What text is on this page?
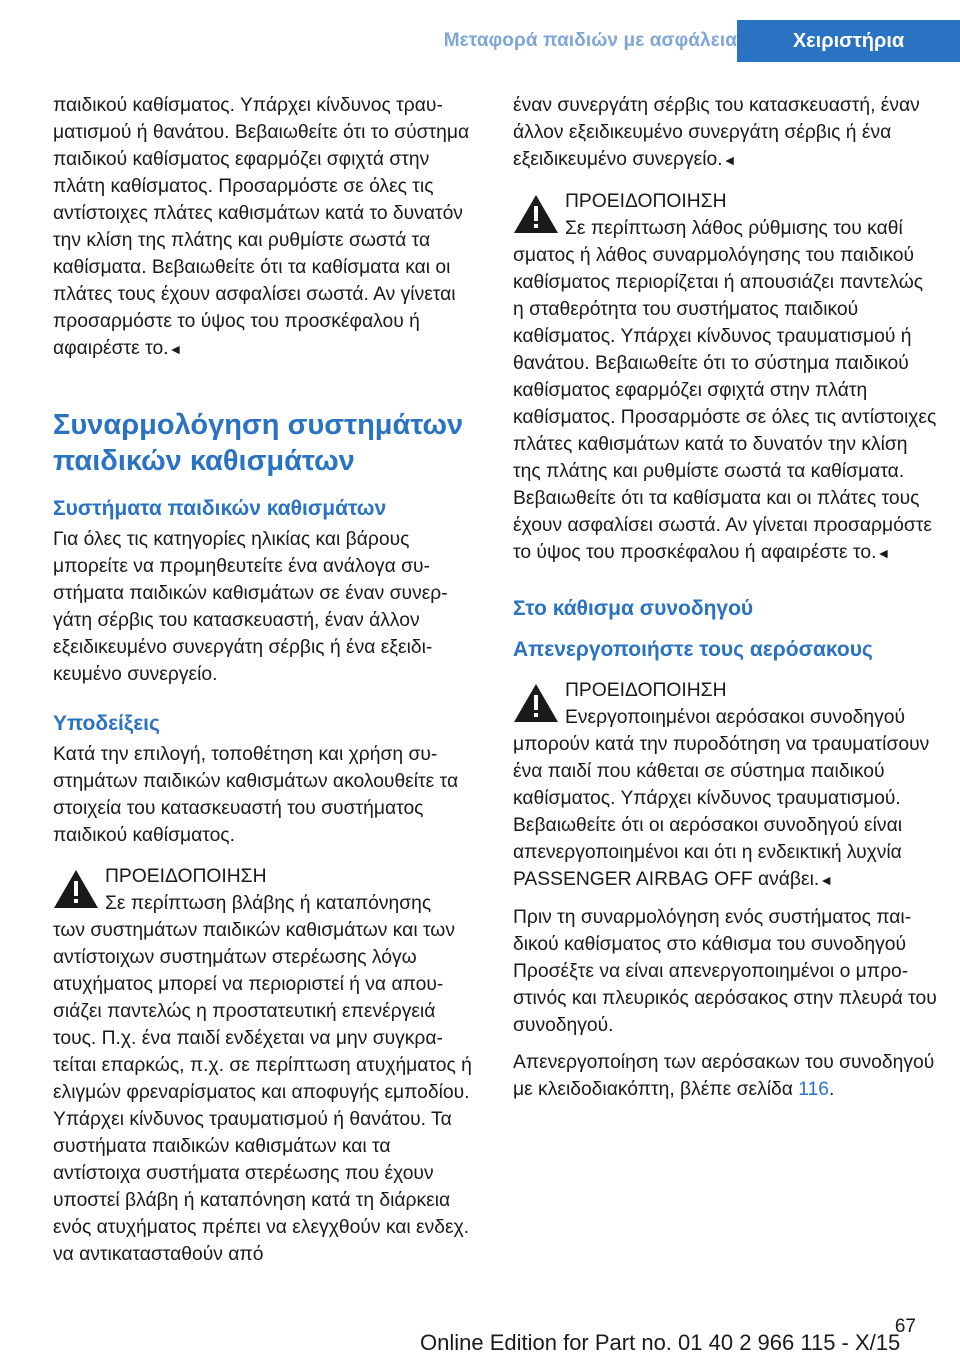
Μεταφορά παιδιών με ασφάλεια	Χειριστήρια

παιδικού καθίσματος. Υπάρχει κίνδυνος τραυματισμού ή θανάτου. Βεβαιωθείτε ότι το σύστημα παιδικού καθίσματος εφαρμόζει σφιχτά στην πλάτη καθίσματος. Προσαρμόστε σε όλες τις αντίστοιχες πλάτες καθισμάτων κατά το δυνατόν την κλίση της πλάτης και ρυθμίστε σωστά τα καθίσματα. Βεβαιωθείτε ότι τα καθίσματα και οι πλάτες τους έχουν ασφαλίσει σωστά. Αν γίνεται προσαρμόστε το ύψος του προσκέφαλου ή αφαιρέστε το.◄

Συναρμολόγηση συστημάτων παιδικών καθισμάτων
Συστήματα παιδικών καθισμάτων

Για όλες τις κατηγορίες ηλικίας και βάρους μπορείτε να προμηθευτείτε ένα ανάλογα συστήματα παιδικών καθισμάτων σε έναν συνεργάτη σέρβις του κατασκευαστή, έναν άλλον εξειδικευμένο συνεργάτη σέρβις ή ένα εξειδικευμένο συνεργείο.

Υποδείξεις

Κατά την επιλογή, τοποθέτηση και χρήση συστημάτων παιδικών καθισμάτων ακολουθείτε τα στοιχεία του κατασκευαστή του συστήματος παιδικού καθίσματος.

ΠΡΟΕΙΔΟΠΟΙΗΣΗ

Σε περίπτωση βλάβης ή καταπόνησης

των συστημάτων παιδικών καθισμάτων και των αντίστοιχων συστημάτων στερέωσης λόγω ατυχήματος μπορεί να περιοριστεί ή να απουσιάζει παντελώς η προστατευτική επενέργειά τους. Π.χ. ένα παιδί ενδέχεται να μην συγκρατείται επαρκώς, π.χ. σε περίπτωση ατυχήματος ή ελιγμών φρεναρίσματος και αποφυγής εμποδίου. Υπάρχει κίνδυνος τραυματισμού ή θανάτου. Τα συστήματα παιδικών καθισμάτων και τα αντίστοιχα συστήματα στερέωσης που έχουν υποστεί βλάβη ή καταπόνηση κατά τη διάρκεια ενός ατυχήματος πρέπει να ελεγχθούν και ενδεχ. να αντικατασταθούν από

έναν συνεργάτη σέρβις του κατασκευαστή, έναν άλλον εξειδικευμένο συνεργάτη σέρβις ή ένα εξειδικευμένο συνεργείο.◄

ΠΡΟΕΙΔΟΠΟΙΗΣΗ

Σε περίπτωση λάθος ρύθμισης του καθί

σματος ή λάθος συναρμολόγησης του παιδικού καθίσματος περιορίζεται ή απουσιάζει παντελώς η σταθερότητα του συστήματος παιδικού καθίσματος. Υπάρχει κίνδυνος τραυματισμού ή θανάτου. Βεβαιωθείτε ότι το σύστημα παιδικού καθίσματος εφαρμόζει σφιχτά στην πλάτη καθίσματος. Προσαρμόστε σε όλες τις αντίστοιχες πλάτες καθισμάτων κατά το δυνατόν την κλίση της πλάτης και ρυθμίστε σωστά τα καθίσματα. Βεβαιωθείτε ότι τα καθίσματα και οι πλάτες τους έχουν ασφαλίσει σωστά. Αν γίνεται προσαρμόστε το ύψος του προσκέφαλου ή αφαιρέστε το.◄

Στο κάθισμα συνοδηγού
Απενεργοποιήστε τους αερόσακους

ΠΡΟΕΙΔΟΠΟΙΗΣΗ

Ενεργοποιημένοι αερόσακοι συνοδηγού

μπορούν κατά την πυροδότηση να τραυματίσουν ένα παιδί που κάθεται σε σύστημα παιδικού καθίσματος. Υπάρχει κίνδυνος τραυματισμού. Βεβαιωθείτε ότι οι αερόσακοι συνοδηγού είναι απενεργοποιημένοι και ότι η ενδεικτική λυχνία PASSENGER AIRBAG OFF ανάβει.◄

Πριν τη συναρμολόγηση ενός συστήματος παιδικού καθίσματος στο κάθισμα του συνοδηγού Προσέξτε να είναι απενεργοποιημένοι ο μπροστινός και πλευρικός αερόσακος στην πλευρά του συνοδηγού.

Απενεργοποίηση των αερόσακων του συνοδηγού με κλειδοδιακόπτη, βλέπε σελίδα 116.

67
Online Edition for Part no. 01 40 2 966 115 - X/15
